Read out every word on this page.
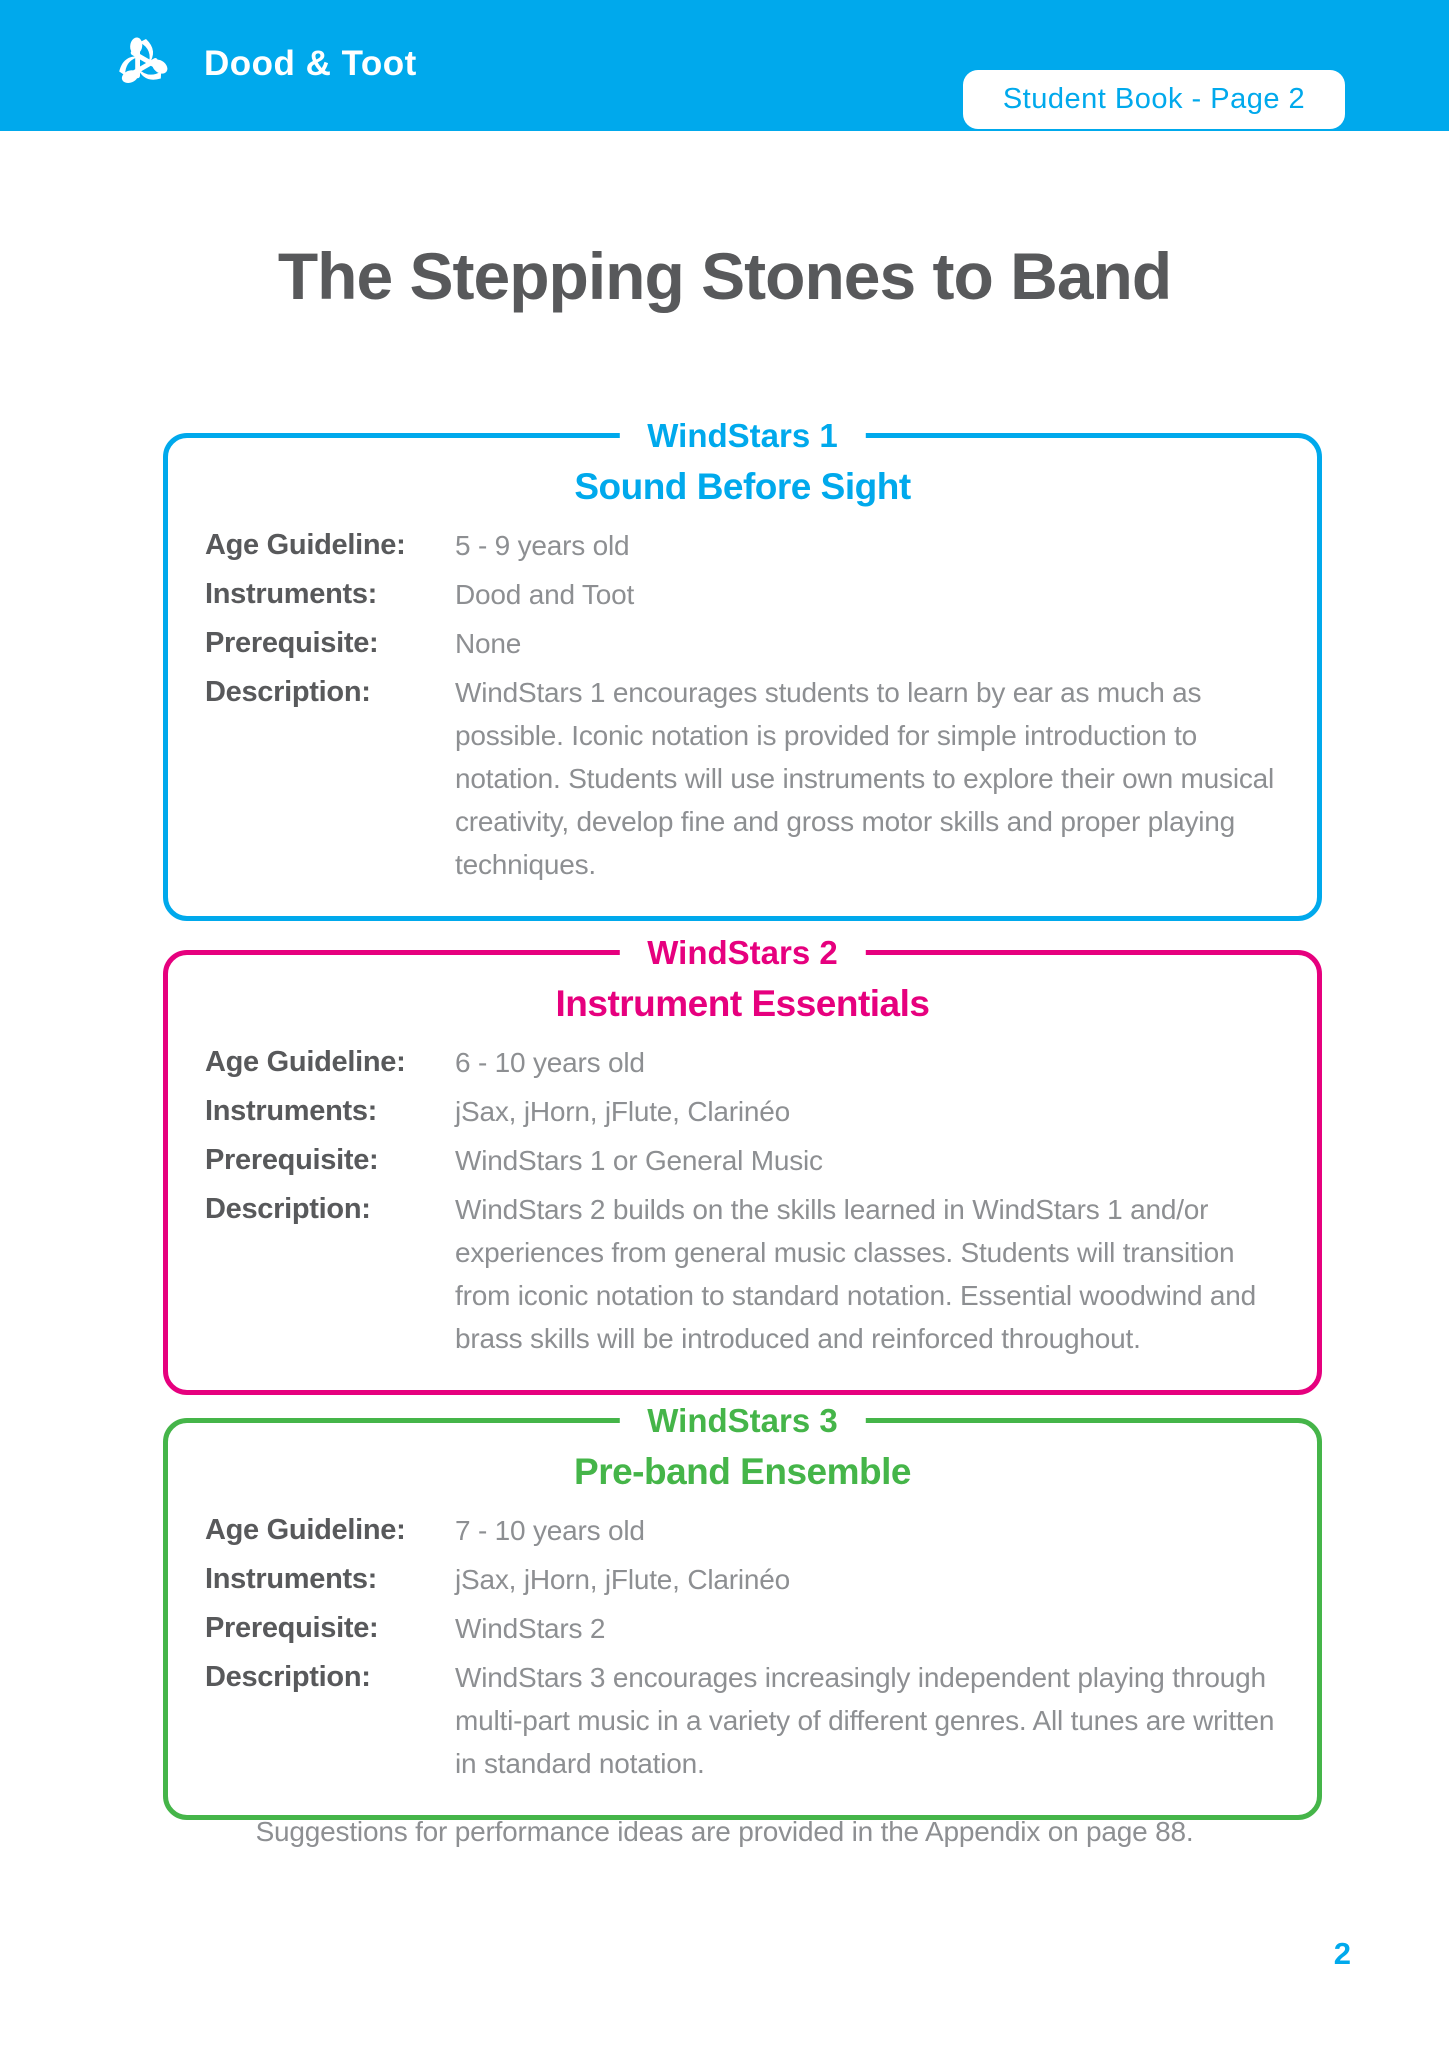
Dood & Toot
Student Book - Page 2
The Stepping Stones to Band
WindStars 1
Sound Before Sight
Age Guideline:	5 - 9 years old
Instruments:	Dood and Toot
Prerequisite:	None
Description:	WindStars 1 encourages students to learn by ear as much as possible. Iconic notation is provided for simple introduction to notation. Students will use instruments to explore their own musical creativity, develop fine and gross motor skills and proper playing techniques.
WindStars 2
Instrument Essentials
Age Guideline:	6 - 10 years old
Instruments:	jSax, jHorn, jFlute, Clarinéo
Prerequisite:	WindStars 1 or General Music
Description:	WindStars 2 builds on the skills learned in WindStars 1 and/or experiences from general music classes. Students will transition from iconic notation to standard notation. Essential woodwind and brass skills will be introduced and reinforced throughout.
WindStars 3
Pre-band Ensemble
Age Guideline:	7 - 10 years old
Instruments:	jSax, jHorn, jFlute, Clarinéo
Prerequisite:	WindStars 2
Description:	WindStars 3 encourages increasingly independent playing through multi-part music in a variety of different genres. All tunes are written in standard notation.
Suggestions for performance ideas are provided in the Appendix on page 88.
2
